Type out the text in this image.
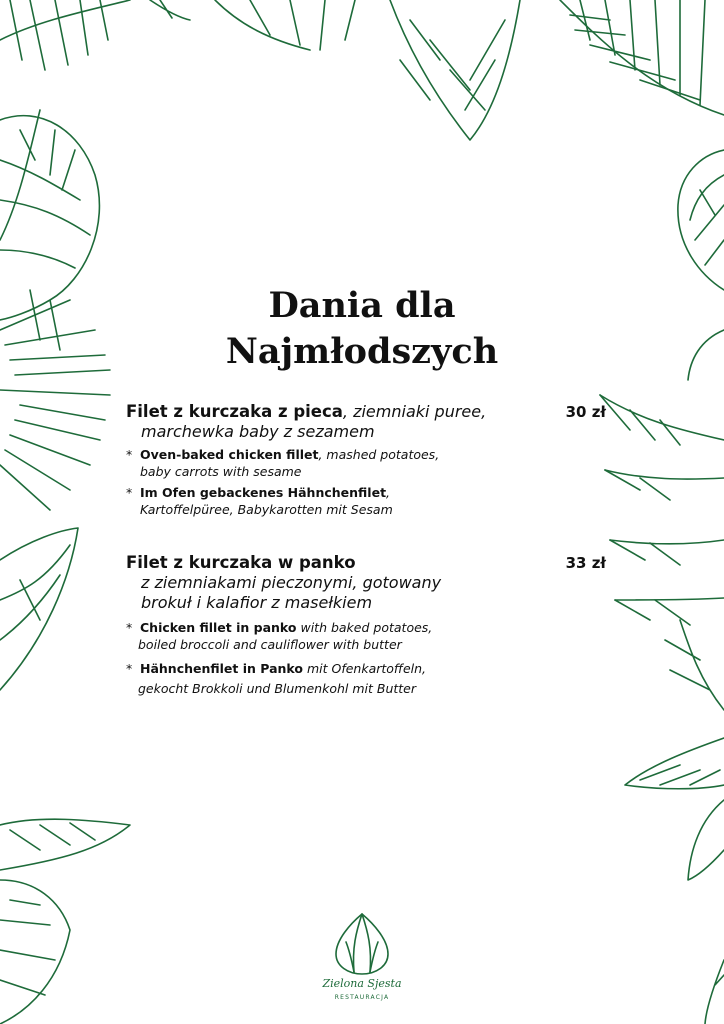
Dania dla
Najmłodszych
Filet z kurczaka z pieca, ziemniaki puree,
marchewka baby z sezamem
30 zł
* Oven-baked chicken fillet, mashed potatoes,
baby carrots with sesame
* Im Ofen gebackenes Hähnchenfilet,
Kartoffelpüree, Babykarotten mit Sesam
Filet z kurczaka w panko
z ziemniakami pieczonymi, gotowany
brokuł i kalafior z masełkiem
33 zł
* Chicken fillet in panko with baked potatoes,
boiled broccoli and cauliflower with butter
* Hähnchenfilet in Panko mit Ofenkartoffeln,
gekocht Brokkoli und Blumenkohl mit Butter
Zielona Sjesta
RESTAURACJA
